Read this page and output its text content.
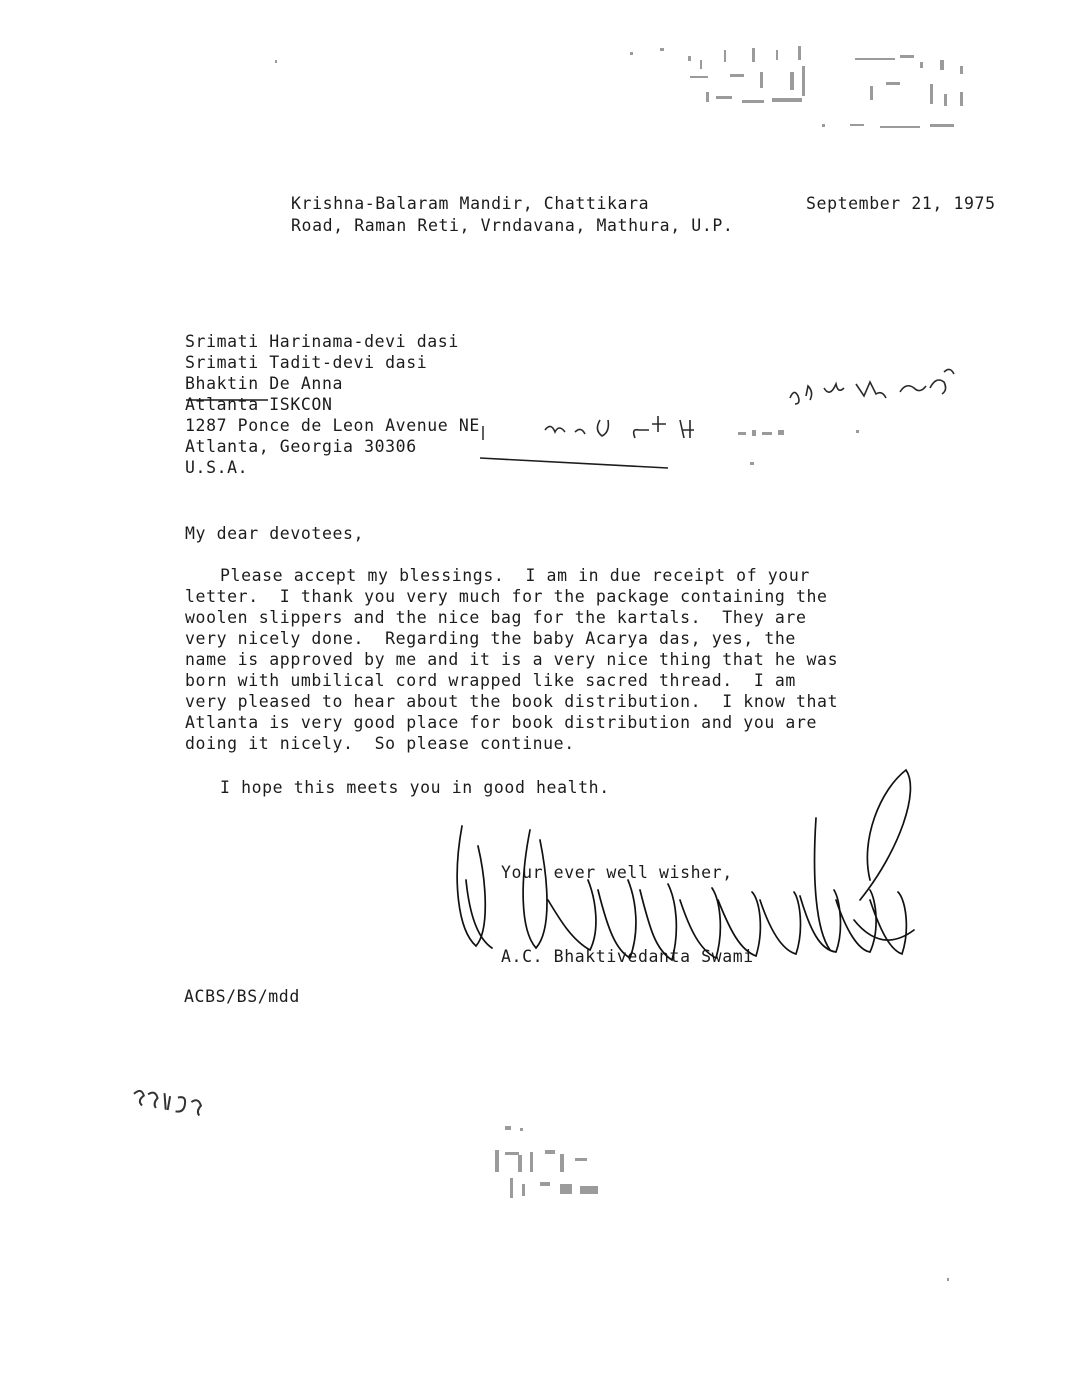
Krishna-Balaram Mandir, Chattikara
Road, Raman Reti, Vrndavana, Mathura, U.P.
September 21, 1975
Srimati Harinama-devi dasi
Srimati Tadit-devi dasi
Bhaktin De Anna
Atlanta ISKCON
1287 Ponce de Leon Avenue NE
Atlanta, Georgia 30306
U.S.A.
My dear devotees,
Please accept my blessings.  I am in due receipt of your
letter.  I thank you very much for the package containing the
woolen slippers and the nice bag for the kartals.  They are
very nicely done.  Regarding the baby Acarya das, yes, the
name is approved by me and it is a very nice thing that he was
born with umbilical cord wrapped like sacred thread.  I am
very pleased to hear about the book distribution.  I know that
Atlanta is very good place for book distribution and you are
doing it nicely.  So please continue.
I hope this meets you in good health.
Your ever well wisher,
A.C. Bhaktivedanta Swami
ACBS/BS/mdd
